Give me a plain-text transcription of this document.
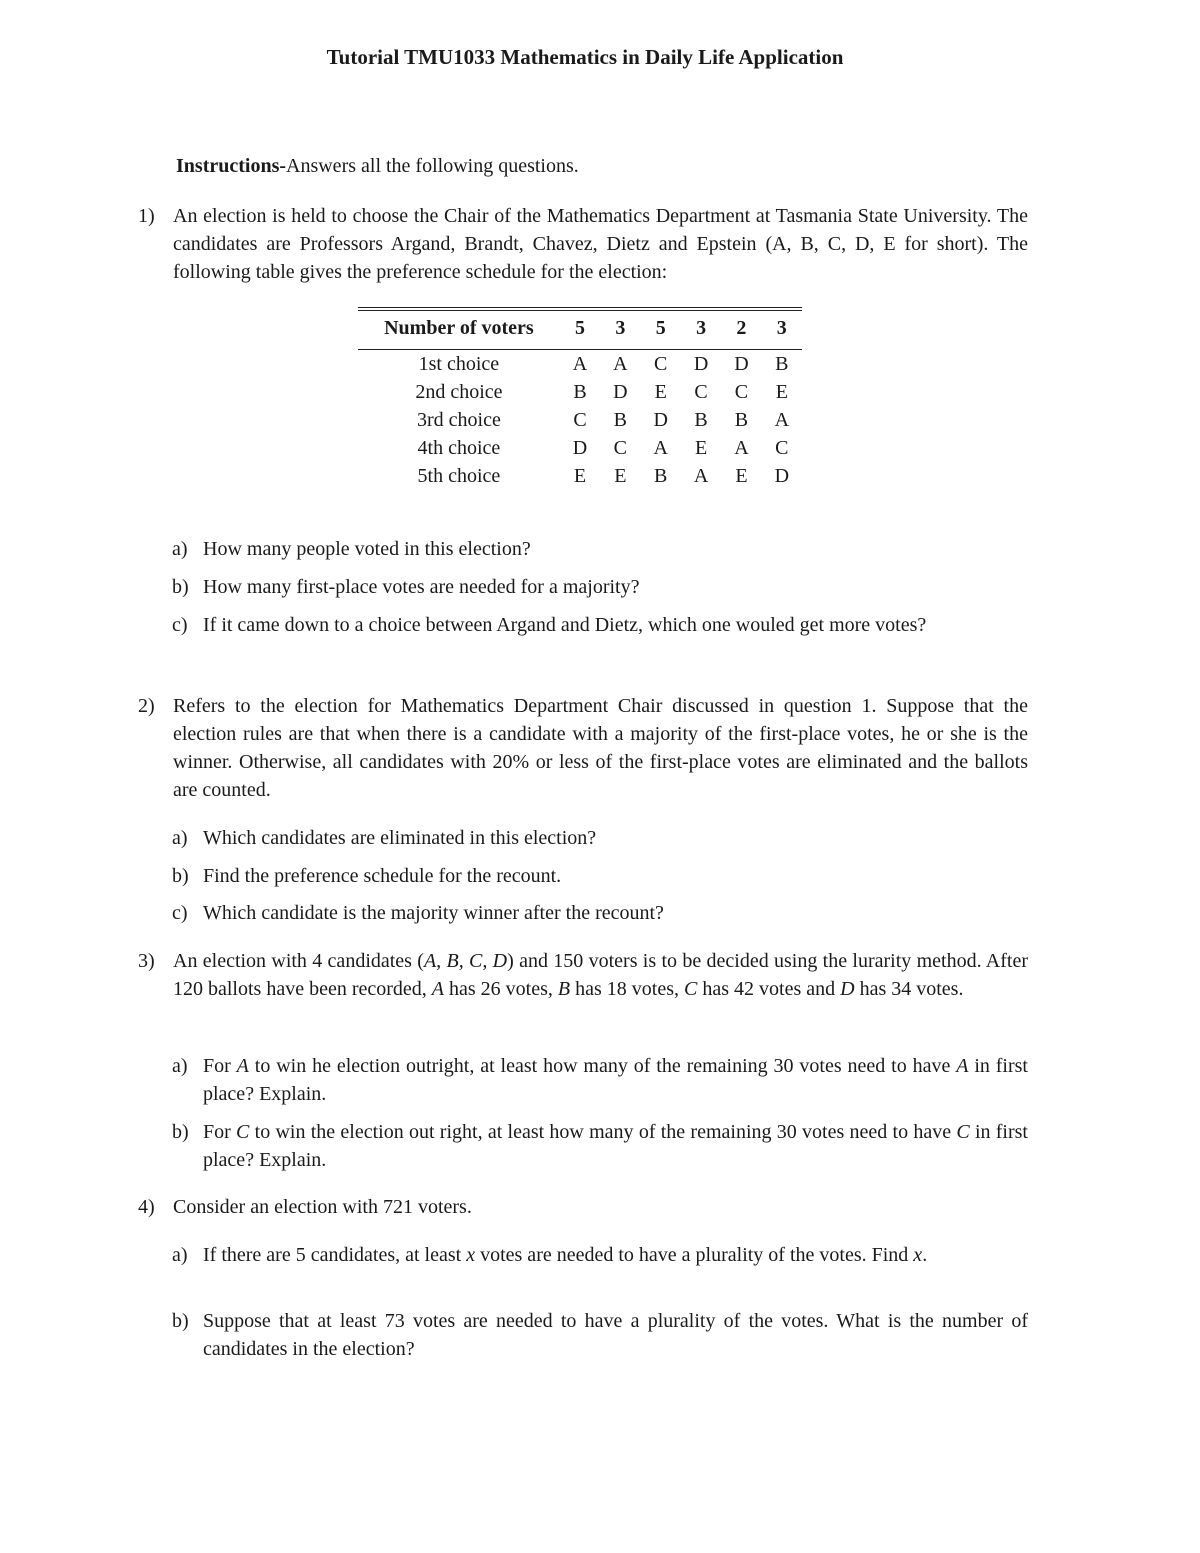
Tutorial TMU1033 Mathematics in Daily Life Application
Instructions-Answers all the following questions.
1) An election is held to choose the Chair of the Mathematics Department at Tasmania State University. The candidates are Professors Argand, Brandt, Chavez, Dietz and Epstein (A, B, C, D, E for short). The following table gives the preference schedule for the election:
Number of voters	5	3	5	3	2	3
1st choice	A	A	C	D	D	B
2nd choice	B	D	E	C	C	E
3rd choice	C	B	D	B	B	A
4th choice	D	C	A	E	A	C
5th choice	E	E	B	A	E	D
a) How many people voted in this election?
b) How many first-place votes are needed for a majority?
c) If it came down to a choice between Argand and Dietz, which one wouled get more votes?
2) Refers to the election for Mathematics Department Chair discussed in question 1. Suppose that the election rules are that when there is a candidate with a majority of the first-place votes, he or she is the winner. Otherwise, all candidates with 20% or less of the first-place votes are eliminated and the ballots are counted.
a) Which candidates are eliminated in this election?
b) Find the preference schedule for the recount.
c) Which candidate is the majority winner after the recount?
3) An election with 4 candidates (A, B, C, D) and 150 voters is to be decided using the lurarity method. After 120 ballots have been recorded, A has 26 votes, B has 18 votes, C has 42 votes and D has 34 votes.
a) For A to win he election outright, at least how many of the remaining 30 votes need to have A in first place? Explain.
b) For C to win the election out right, at least how many of the remaining 30 votes need to have C in first place? Explain.
4) Consider an election with 721 voters.
a) If there are 5 candidates, at least x votes are needed to have a plurality of the votes. Find x.
b) Suppose that at least 73 votes are needed to have a plurality of the votes. What is the number of candidates in the election?
